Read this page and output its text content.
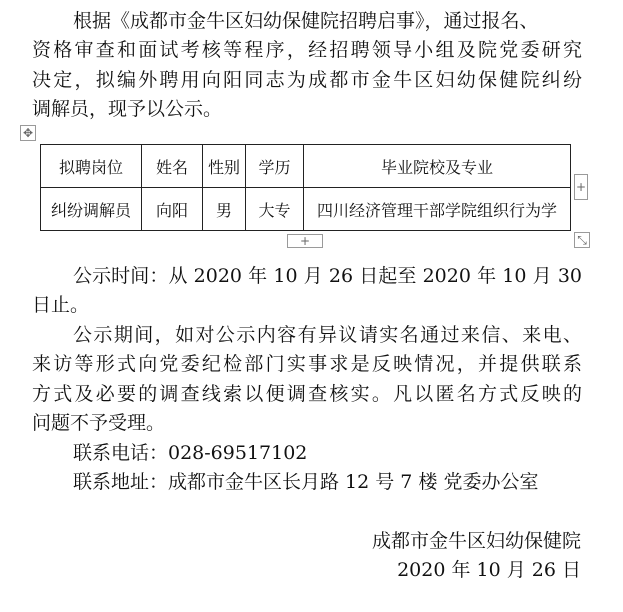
根据《成都市金牛区妇幼保健院招聘启事》，通过报名、
资格审查和面试考核等程序，经招聘领导小组及院党委研究
决定，拟编外聘用向阳同志为成都市金牛区妇幼保健院纠纷
调解员，现予以公示。
✥
拟聘岗位	姓名	性别	学历	毕业院校及专业
纠纷调解员	向阳	男	大专	四川经济管理干部学院组织行为学
+
+	⤡
公示时间：从 2020 年 10 月 26 日起至 2020 年 10 月 30
日止。
公示期间，如对公示内容有异议请实名通过来信、来电、
来访等形式向党委纪检部门实事求是反映情况，并提供联系
方式及必要的调查线索以便调查核实。凡以匿名方式反映的
问题不予受理。
联系电话：028-69517102
联系地址：成都市金牛区长月路 12 号 7 楼 党委办公室
成都市金牛区妇幼保健院
2020 年 10 月 26 日
